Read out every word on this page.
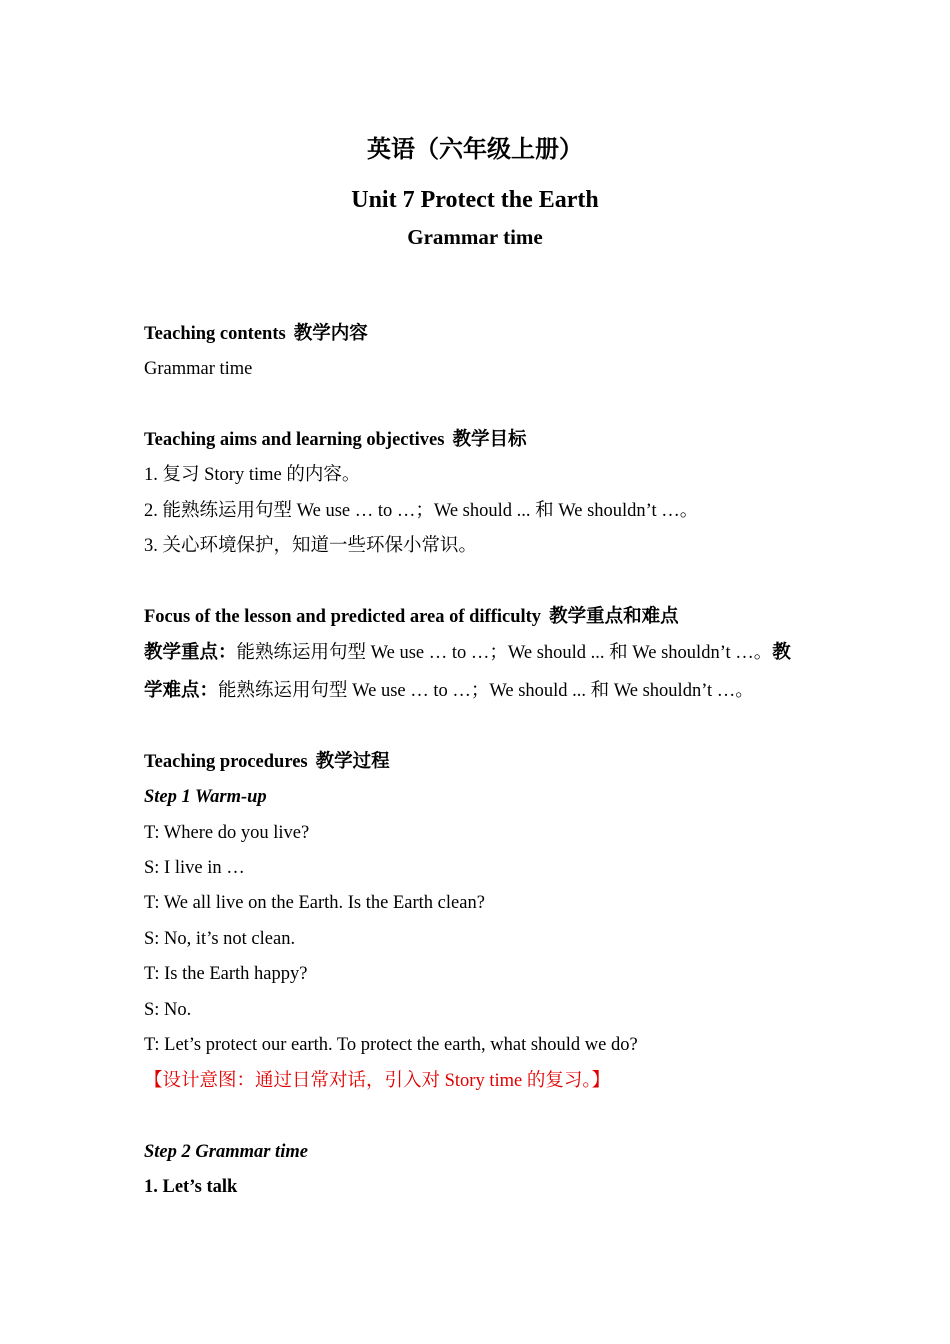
英语（六年级上册）
Unit 7 Protect the Earth
Grammar time
Teaching contents 教学内容
Grammar time
Teaching aims and learning objectives 教学目标
1. 复习 Story time 的内容。
2. 能熟练运用句型 We use … to …；We should ... 和 We shouldn’t …。
3. 关心环境保护，知道一些环保小常识。
Focus of the lesson and predicted area of difficulty 教学重点和难点
教学重点：能熟练运用句型 We use … to …；We should ... 和 We shouldn’t …。教
学难点：能熟练运用句型 We use … to …；We should ... 和 We shouldn’t …。
Teaching procedures 教学过程
Step 1 Warm-up
T: Where do you live?
S: I live in …
T: We all live on the Earth. Is the Earth clean?
S: No, it’s not clean.
T: Is the Earth happy?
S: No.
T: Let’s protect our earth. To protect the earth, what should we do?
【设计意图：通过日常对话，引入对 Story time 的复习。】
Step 2 Grammar time
1. Let’s talk
